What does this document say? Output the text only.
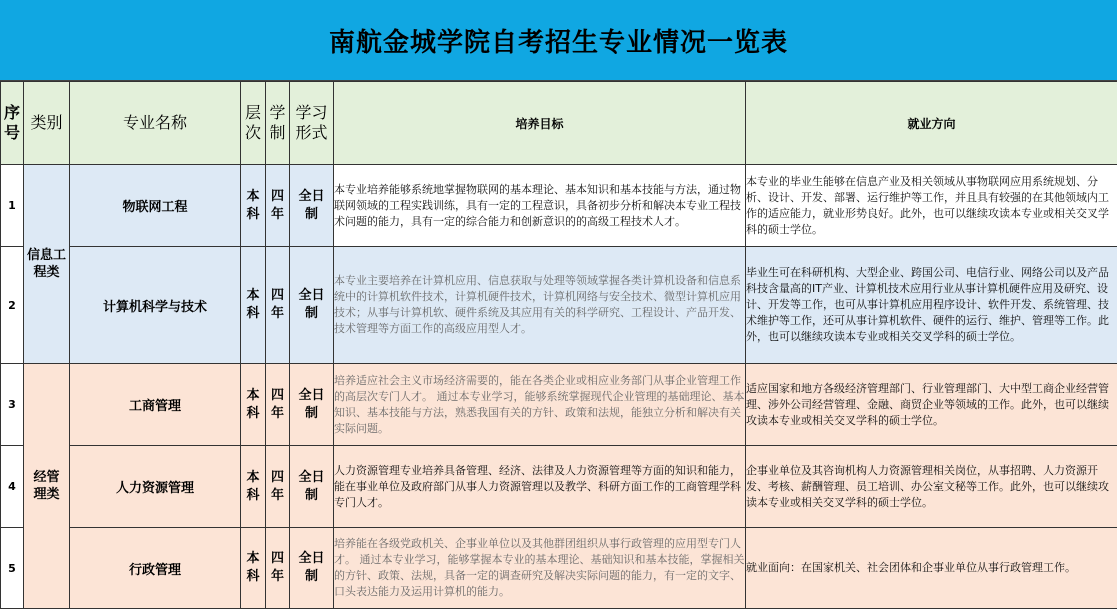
南航金城学院自考招生专业情况一览表
序号	类别	专业名称	层次	学制	学习形式	培养目标	就业方向
1	信息工程类	物联网工程	本科	四年	全日制	本专业培养能够系统地掌握物联网的基本理论、基本知识和基本技能与方法，通过物联网领域的工程实践训练，具有一定的工程意识，具备初步分析和解决本专业工程技术问题的能力，具有一定的综合能力和创新意识的的高级工程技术人才。	本专业的毕业生能够在信息产业及相关领域从事物联网应用系统规划、分析、设计、开发、部署、运行维护等工作，并且具有较强的在其他领域内工作的适应能力，就业形势良好。此外，也可以继续攻读本专业或相关交叉学科的硕士学位。
2		计算机科学与技术	本科	四年	全日制	本专业主要培养在计算机应用、信息获取与处理等领域掌握各类计算机设备和信息系统中的计算机软件技术，计算机硬件技术，计算机网络与安全技术、微型计算机应用技术；从事与计算机软、硬件系统及其应用有关的科学研究、工程设计、产品开发、技术管理等方面工作的高级应用型人才。	毕业生可在科研机构、大型企业、跨国公司、电信行业、网络公司以及产品科技含量高的IT产业、计算机技术应用行业从事计算机硬件应用及研究、设计、开发等工作，也可从事计算机应用程序设计、软件开发、系统管理、技术维护等工作，还可从事计算机软件、硬件的运行、维护、管理等工作。此外，也可以继续攻读本专业或相关交叉学科的硕士学位。
3	经管理类	工商管理	本科	四年	全日制	培养适应社会主义市场经济需要的，能在各类企业或相应业务部门从事企业管理工作的高层次专门人才。 通过本专业学习，能够系统掌握现代企业管理的基础理论、基本知识、基本技能与方法，熟悉我国有关的方针、政策和法规，能独立分析和解决有关实际问题。	适应国家和地方各级经济管理部门、行业管理部门、大中型工商企业经营管理、涉外公司经营管理、金融、商贸企业等领域的工作。此外，也可以继续攻读本专业或相关交叉学科的硕士学位。
4		人力资源管理	本科	四年	全日制	人力资源管理专业培养具备管理、经济、法律及人力资源管理等方面的知识和能力，能在事业单位及政府部门从事人力资源管理以及教学、科研方面工作的工商管理学科专门人才。	企事业单位及其咨询机构人力资源管理相关岗位，从事招聘、人力资源开发、考核、薪酬管理、员工培训、办公室文秘等工作。此外，也可以继续攻读本专业或相关交叉学科的硕士学位。
5		行政管理	本科	四年	全日制	培养能在各级党政机关、企事业单位以及其他群团组织从事行政管理的应用型专门人才。 通过本专业学习，能够掌握本专业的基本理论、基础知识和基本技能，掌握相关的方针、政策、法规，具备一定的调查研究及解决实际问题的能力，有一定的文字、口头表达能力及运用计算机的能力。	就业面向：在国家机关、社会团体和企事业单位从事行政管理工作。
